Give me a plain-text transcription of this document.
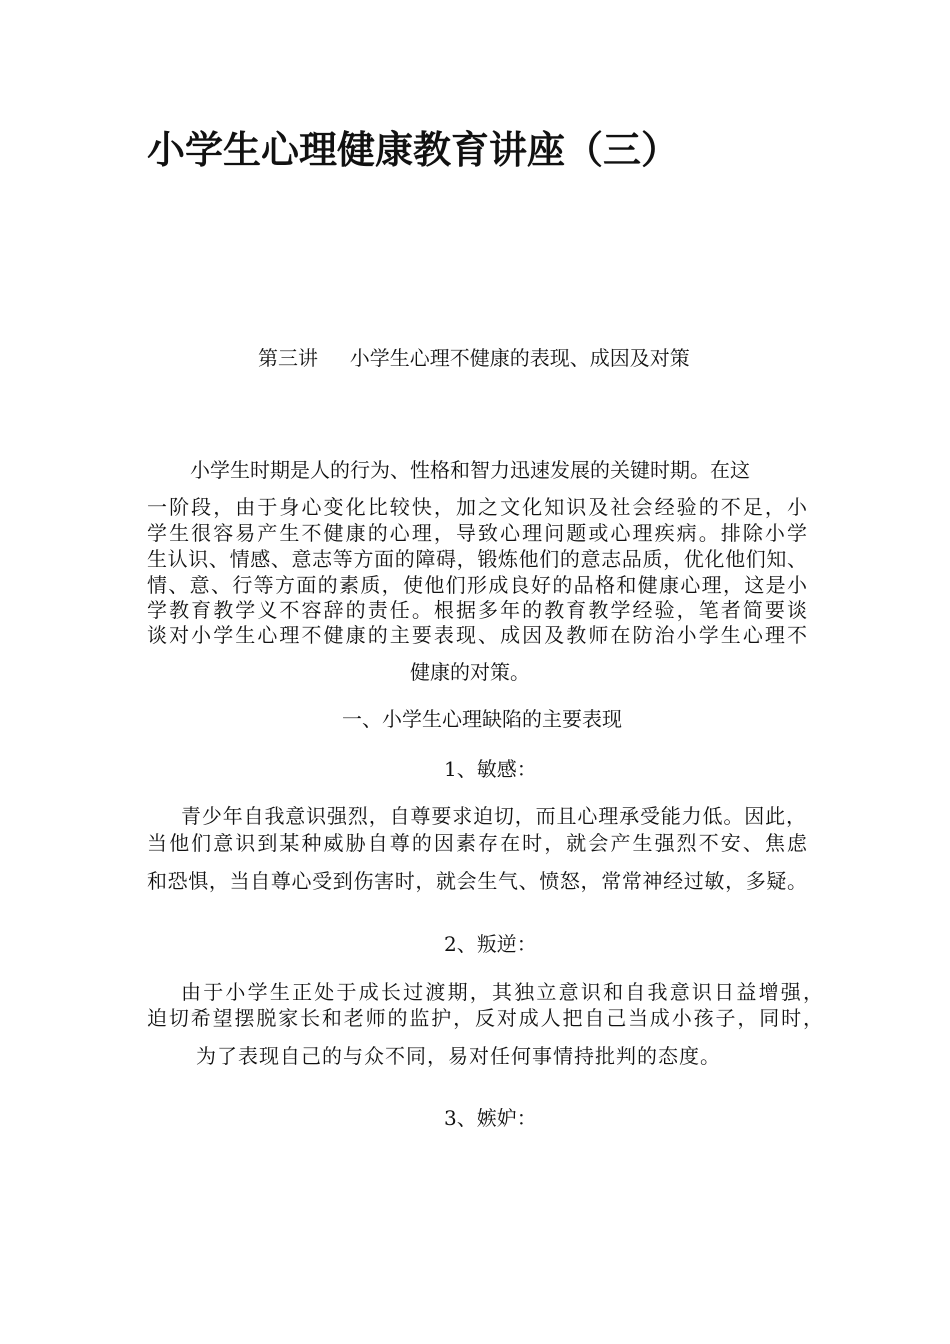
小学生心理健康教育讲座（三）

第三讲     小学生心理不健康的表现、成因及对策

小学生时期是人的行为、性格和智力迅速发展的关键时期。在这

一阶段，由于身心变化比较快，加之文化知识及社会经验的不足，小

学生很容易产生不健康的心理，导致心理问题或心理疾病。排除小学

生认识、情感、意志等方面的障碍，锻炼他们的意志品质，优化他们知、

情、意、行等方面的素质，使他们形成良好的品格和健康心理，这是小

学教育教学义不容辞的责任。根据多年的教育教学经验，笔者简要谈

谈对小学生心理不健康的主要表现、成因及教师在防治小学生心理不

健康的对策。

一、小学生心理缺陷的主要表现
1、敏感：

青少年自我意识强烈，自尊要求迫切，而且心理承受能力低。因此，

当他们意识到某种威胁自尊的因素存在时，就会产生强烈不安、焦虑

和恐惧，当自尊心受到伤害时，就会生气、愤怒，常常神经过敏，多疑。

2、叛逆：

由于小学生正处于成长过渡期，其独立意识和自我意识日益增强，

迫切希望摆脱家长和老师的监护，反对成人把自己当成小孩子，同时，

为了表现自己的与众不同，易对任何事情持批判的态度。

3、嫉妒：
